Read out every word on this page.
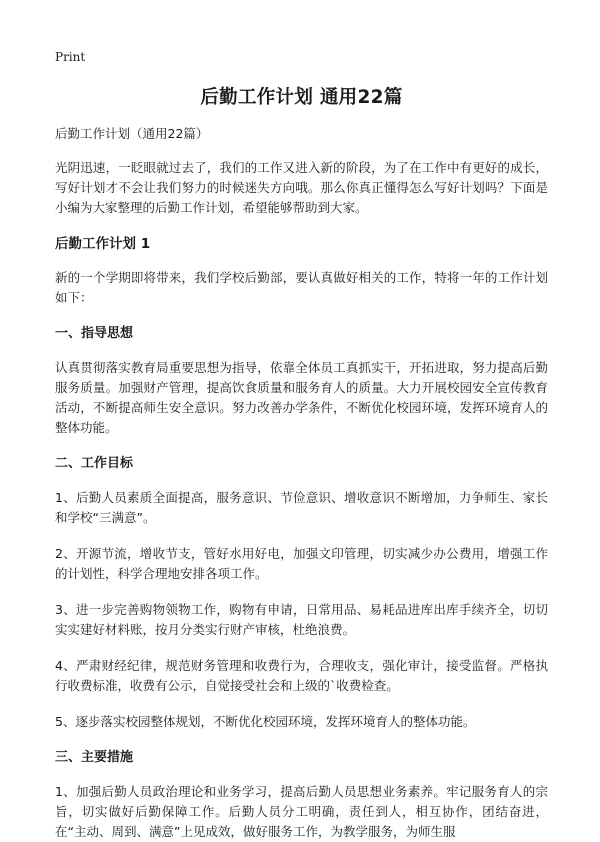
Print
后勤工作计划 通用22篇
后勤工作计划（通用22篇）

光阴迅速，一眨眼就过去了，我们的工作又进入新的阶段，为了在工作中有更好的成长，写好计划才不会让我们努力的时候迷失方向哦。那么你真正懂得怎么写好计划吗？下面是小编为大家整理的后勤工作计划，希望能够帮助到大家。

后勤工作计划 1

新的一个学期即将带来，我们学校后勤部，要认真做好相关的工作，特将一年的工作计划如下：

一、指导思想

认真贯彻落实教育局重要思想为指导，依靠全体员工真抓实干，开拓进取，努力提高后勤服务质量。加强财产管理，提高饮食质量和服务育人的质量。大力开展校园安全宣传教育活动，不断提高师生安全意识。努力改善办学条件，不断优化校园环境，发挥环境育人的整体功能。

二、工作目标

1、后勤人员素质全面提高，服务意识、节俭意识、增收意识不断增加，力争师生、家长和学校“三满意”。

2、开源节流，增收节支，管好水用好电，加强文印管理，切实减少办公费用，增强工作的计划性，科学合理地安排各项工作。

3、进一步完善购物领物工作，购物有申请，日常用品、易耗品进库出库手续齐全，切切实实建好材料账，按月分类实行财产审核，杜绝浪费。

4、严肃财经纪律，规范财务管理和收费行为，合理收支，强化审计，接受监督。严格执行收费标准，收费有公示，自觉接受社会和上级的`收费检查。

5、逐步落实校园整体规划，不断优化校园环境，发挥环境育人的整体功能。

三、主要措施

1、加强后勤人员政治理论和业务学习，提高后勤人员思想业务素养。牢记服务育人的宗旨，切实做好后勤保障工作。后勤人员分工明确，责任到人，相互协作，团结奋进，在“主动、周到、满意”上见成效，做好服务工作，为教学服务，为师生服
